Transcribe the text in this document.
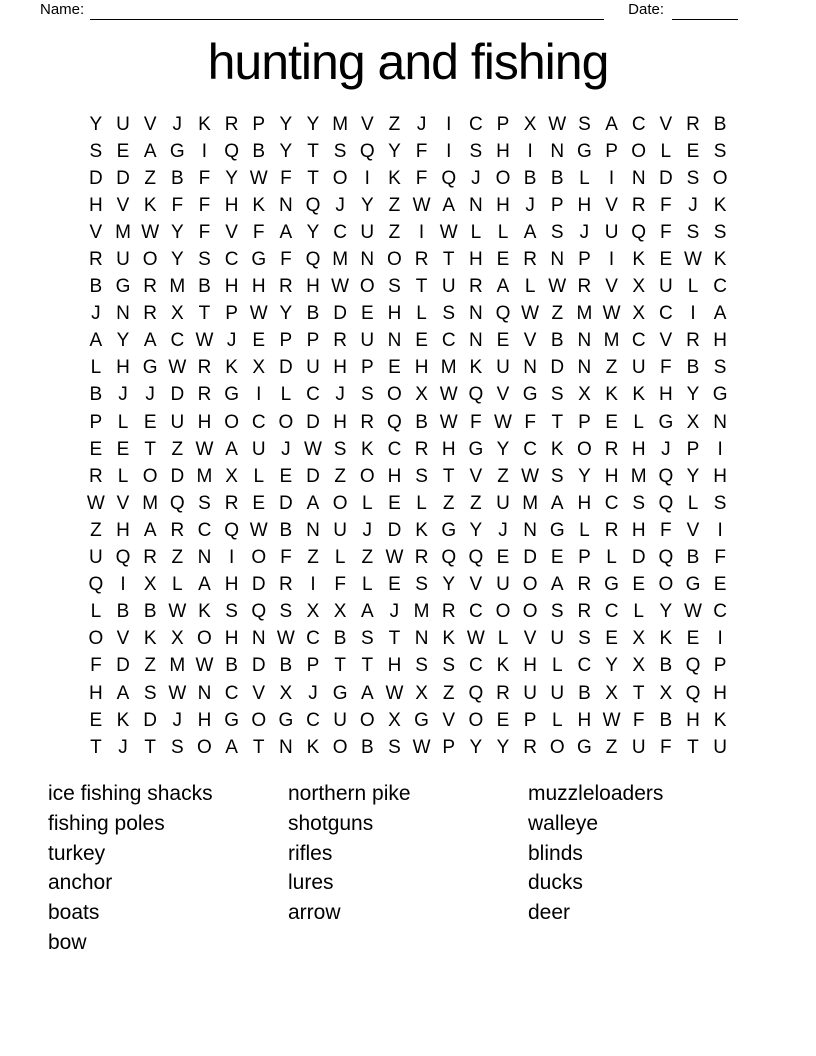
Name:	Date:
hunting and fishing
Y U V J K R P Y Y M V Z J	I C P X W S A C V R B
S E A G I Q B Y T S Q Y F I S H I N G P O L E S
D D Z B F Y W F T O I K F Q J O B B L	I N D S O
H V K F F H K N Q J Y Z W A N H J P H V R F J K
V M W Y F V F A Y C U Z I W L L A S J U Q F S S
R U O Y S C G F Q M N O R T H E R N P I K E W K
B G R M B H H R H W O S T U R A L W R V X U L C
J N R X T P W Y B D E H L S N Q W Z M W X C I A
A Y A C W J E P P R U N E C N E V B N M C V R H
L H G W R K X D U H P E H M K U N D N Z U F B S
B J J D R G I	L C J S O X W Q V G S X K K H Y G
P L E U H O C O D H R Q B W F W F T P E L G X N
E E T Z W A U J W S K C R H G Y C K O R H J P I
R L O D M X L E D Z O H S T V Z W S Y H M Q Y H
W V M Q S R E D A O L E L Z Z U M A H C S Q L S
Z H A R C Q W B N U J D K G Y J N G L R H F V I
U Q R Z N I O F Z L Z W R Q Q E D E P L D Q B F
Q I X L A H D R I F L E S Y V U O A R G E O G E
L B B W K S Q S X X A J M R C O O S R C L Y W C
O V K X O H N W C B S T N K W L V U S E X K E I
F D Z M W B D B P T T H S S C K H L C Y X B Q P
H A S W N C V X J G A W X Z Q R U U B X T X Q H
E K D J H G O G C U O X G V O E P L H W F B H K
T J T S O A T N K O B S W P Y Y R O G Z U F T U
ice fishing shacks
fishing poles
turkey
anchor
boats
bow
northern pike
shotguns
rifles
lures
arrow
muzzleloaders
walleye
blinds
ducks
deer
